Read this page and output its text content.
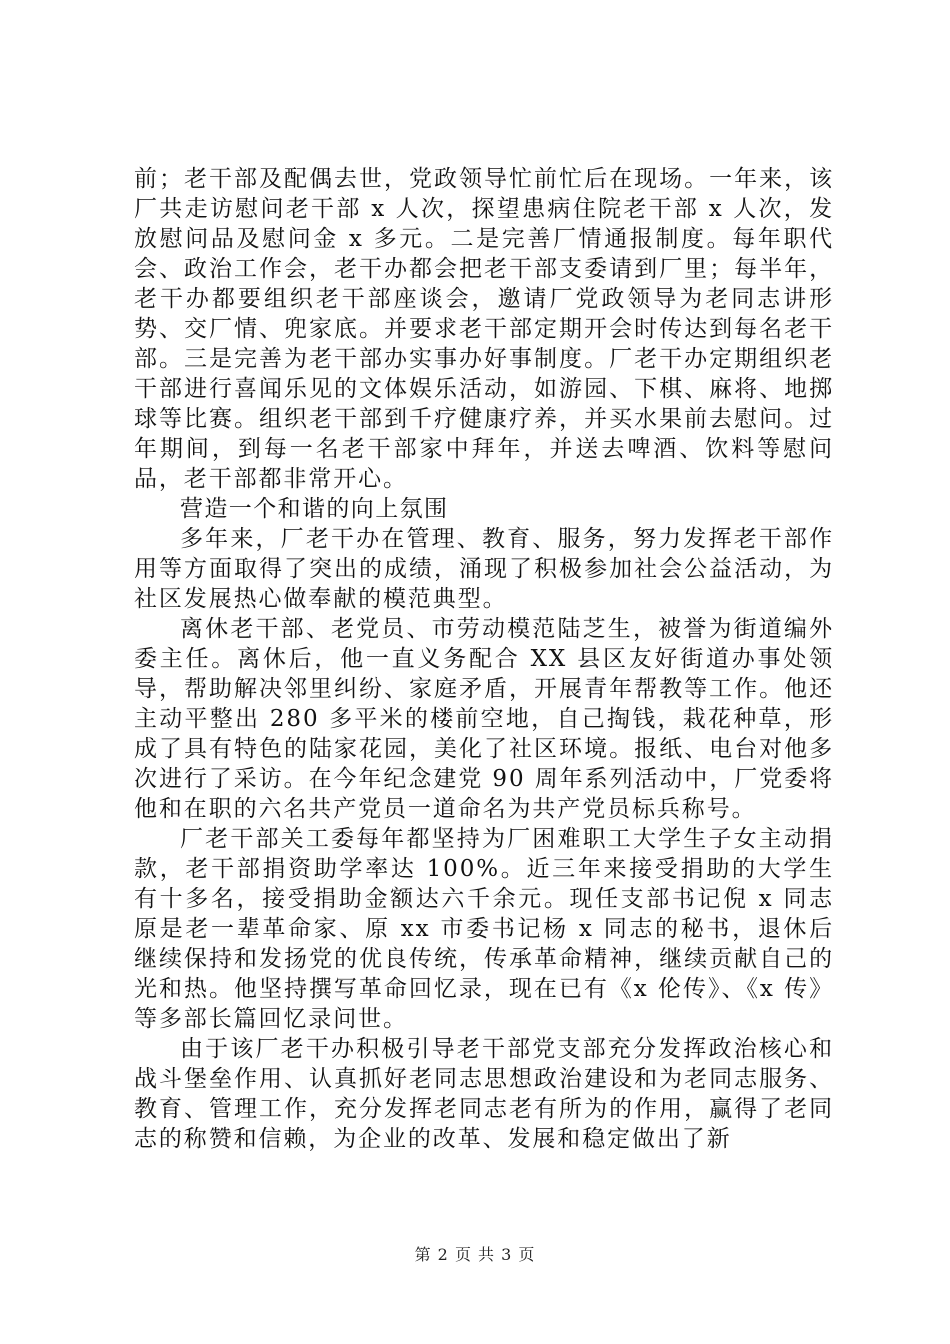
前；老干部及配偶去世，党政领导忙前忙后在现场。一年来，该厂共走访慰问老干部 x 人次，探望患病住院老干部 x 人次，发放慰问品及慰问金 x 多元。二是完善厂情通报制度。每年职代会、政治工作会，老干办都会把老干部支委请到厂里；每半年，老干办都要组织老干部座谈会，邀请厂党政领导为老同志讲形势、交厂情、兜家底。并要求老干部定期开会时传达到每名老干部。三是完善为老干部办实事办好事制度。厂老干办定期组织老干部进行喜闻乐见的文体娱乐活动，如游园、下棋、麻将、地掷球等比赛。组织老干部到千疗健康疗养，并买水果前去慰问。过年期间，到每一名老干部家中拜年，并送去啤酒、饮料等慰问品，老干部都非常开心。

营造一个和谐的向上氛围

多年来，厂老干办在管理、教育、服务，努力发挥老干部作用等方面取得了突出的成绩，涌现了积极参加社会公益活动，为社区发展热心做奉献的模范典型。

离休老干部、老党员、市劳动模范陆芝生，被誉为街道编外委主任。离休后，他一直义务配合 XX 县区友好街道办事处领导，帮助解决邻里纠纷、家庭矛盾，开展青年帮教等工作。他还主动平整出 280 多平米的楼前空地，自己掏钱，栽花种草，形成了具有特色的陆家花园，美化了社区环境。报纸、电台对他多次进行了采访。在今年纪念建党 90 周年系列活动中，厂党委将他和在职的六名共产党员一道命名为共产党员标兵称号。

厂老干部关工委每年都坚持为厂困难职工大学生子女主动捐款，老干部捐资助学率达 100%。近三年来接受捐助的大学生有十多名，接受捐助金额达六千余元。现任支部书记倪 x 同志原是老一辈革命家、原 xx 市委书记杨 x 同志的秘书，退休后继续保持和发扬党的优良传统，传承革命精神，继续贡献自己的光和热。他坚持撰写革命回忆录，现在已有《x 伦传》、《x 传》等多部长篇回忆录问世。

由于该厂老干办积极引导老干部党支部充分发挥政治核心和战斗堡垒作用、认真抓好老同志思想政治建设和为老同志服务、教育、管理工作，充分发挥老同志老有所为的作用，赢得了老同志的称赞和信赖，为企业的改革、发展和稳定做出了新

第 2 页 共 3 页
